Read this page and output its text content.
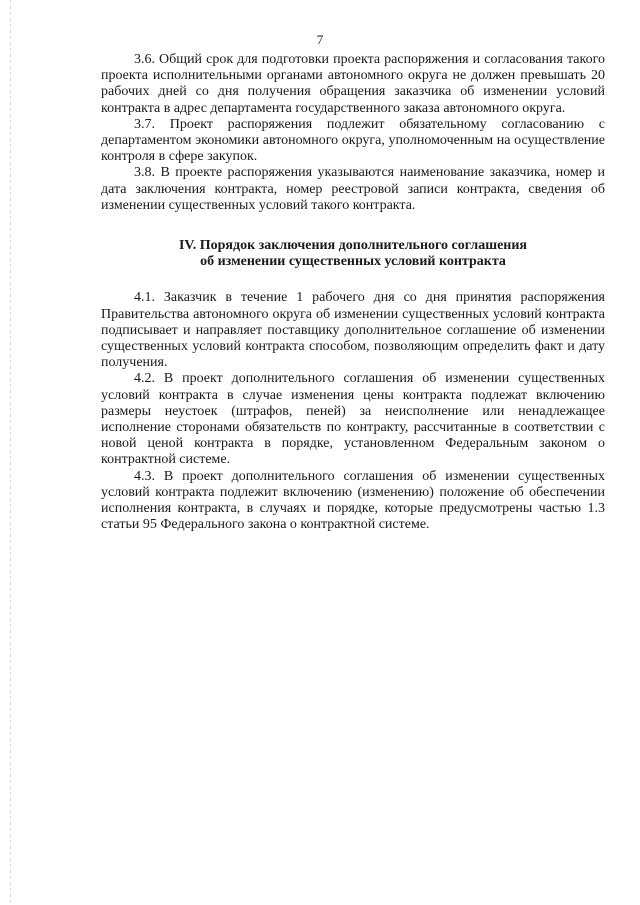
7

3.6. Общий срок для подготовки проекта распоряжения и согласования такого проекта исполнительными органами автономного округа не должен превышать 20 рабочих дней со дня получения обращения заказчика об изменении условий контракта в адрес департамента государственного заказа автономного округа.

3.7. Проект распоряжения подлежит обязательному согласованию с департаментом экономики автономного округа, уполномоченным на осуществление контроля в сфере закупок.

3.8. В проекте распоряжения указываются наименование заказчика, номер и дата заключения контракта, номер реестровой записи контракта, сведения об изменении существенных условий такого контракта.

IV. Порядок заключения дополнительного соглашения
об изменении существенных условий контракта

4.1. Заказчик в течение 1 рабочего дня со дня принятия распоряжения Правительства автономного округа об изменении существенных условий контракта подписывает и направляет поставщику дополнительное соглашение об изменении существенных условий контракта способом, позволяющим определить факт и дату получения.

4.2. В проект дополнительного соглашения об изменении существенных условий контракта в случае изменения цены контракта подлежат включению размеры неустоек (штрафов, пеней) за неисполнение или ненадлежащее исполнение сторонами обязательств по контракту, рассчитанные в соответствии с новой ценой контракта в порядке, установленном Федеральным законом о контрактной системе.

4.3. В проект дополнительного соглашения об изменении существенных условий контракта подлежит включению (изменению) положение об обеспечении исполнения контракта, в случаях и порядке, которые предусмотрены частью 1.3 статьи 95 Федерального закона о контрактной системе.
